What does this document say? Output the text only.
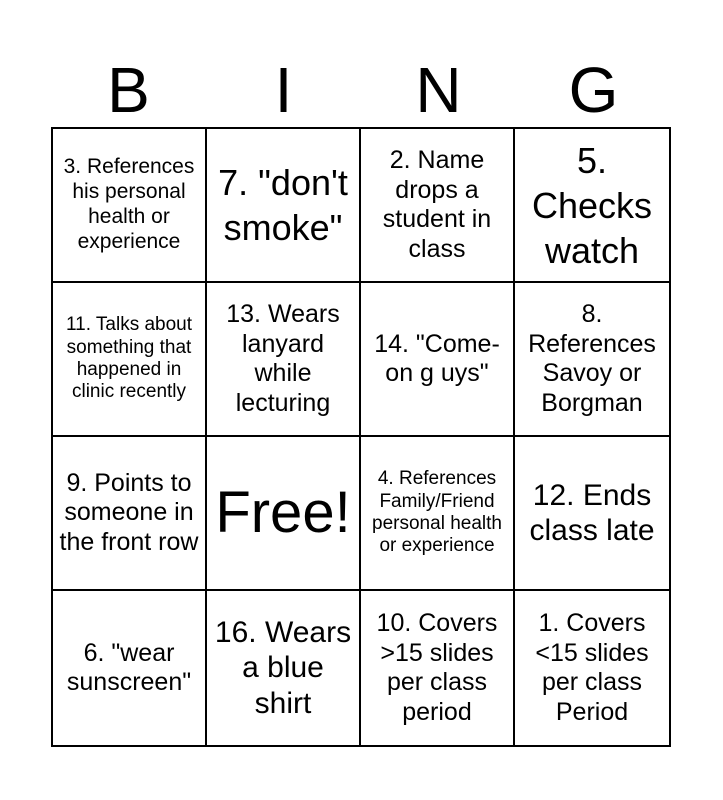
B	I	N	G
3. References his personal health or experience
7. "don't smoke"
2. Name drops a student in class
5. Checks watch
11. Talks about something that happened in clinic recently
13. Wears lanyard while lecturing
14. "Come-on g uys"
8. References Savoy or Borgman
9. Points to someone in the front row Free!
4. References Family/Friend personal health or experience
12. Ends class late
6. "wear sunscreen"
16. Wears a blue shirt
10. Covers >15 slides per class period
1. Covers <15 slides per class Period
